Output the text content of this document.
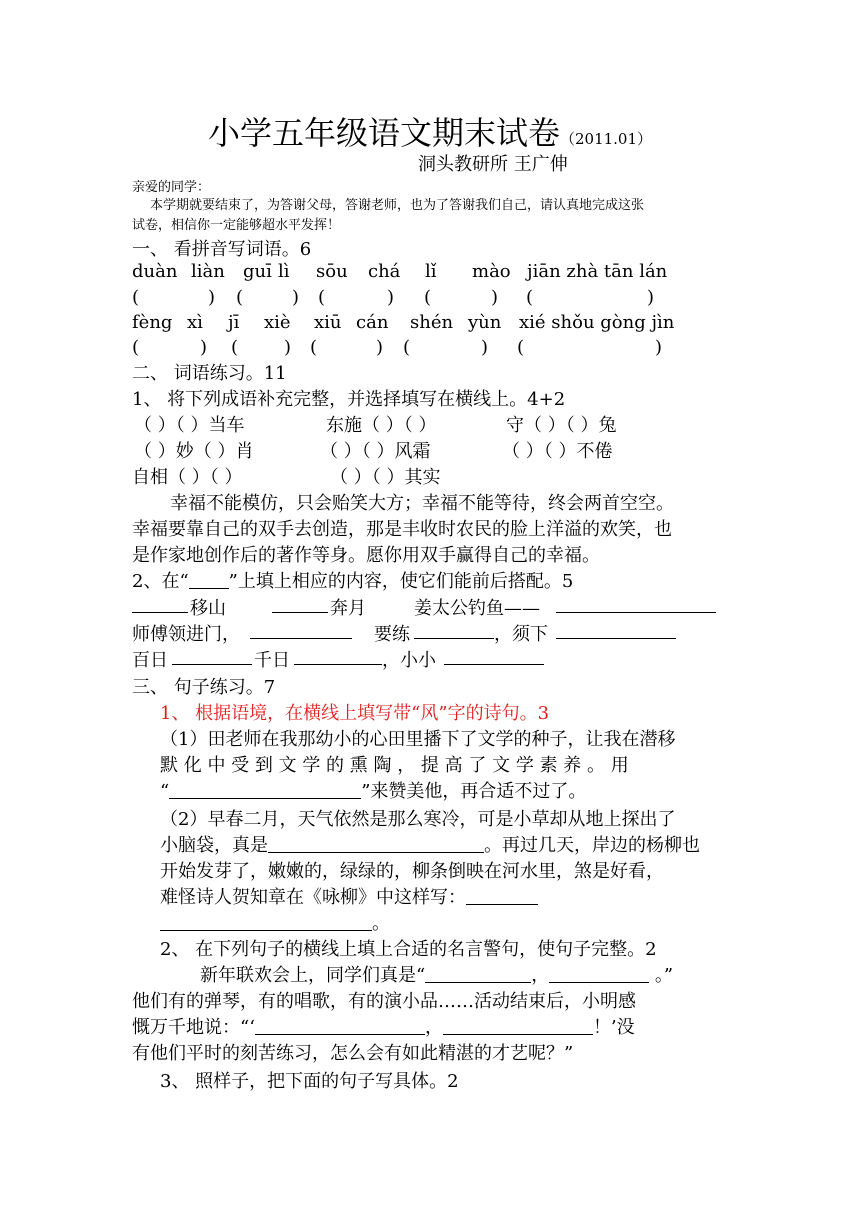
小学五年级语文期末试卷（2011.01）
洞头教研所 王广伸
亲爱的同学：
本学期就要结束了，为答谢父母，答谢老师，也为了答谢我们自己，请认真地完成这张
试卷，相信你一定能够超水平发挥！
一、 看拼音写词语。6
duàn liàn guī lì sōu chá lǐ mào jiān zhà tān lán
(	) (	) (	) (	) (	)
fèng xì jī xiè xiū cán shén yùn xié shǒu gòng jìn
(	) (	) (	) (	) (	)
二、 词语练习。11
1、 将下列成语补充完整，并选择填写在横线上。4+2
（ ）（ ）当车	东施（ ）（ ）	守（ ）（ ）兔
（ ）妙（ ）肖	（ ）（ ）风霜	（ ）（ ）不倦
自相（ ）（ ）	（ ）（ ）其实
幸福不能模仿，只会贻笑大方；幸福不能等待，终会两首空空。
幸福要靠自己的双手去创造，那是丰收时农民的脸上洋溢的欢笑，也
是作家地创作后的著作等身。愿你用双手赢得自己的幸福。
2、在“ ”上填上相应的内容，使它们能前后搭配。5
移山	奔月	姜太公钓鱼——
师傅领进门，	要练	，须下
百日	千日	，小小
三、 句子练习。7
1、 根据语境，在横线上填写带“风”字的诗句。3
（1）田老师在我那幼小的心田里播下了文学的种子，让我在潜移
默 化 中 受 到 文 学 的 熏 陶 ， 提 高 了 文 学 素 养 。 用
“	”来赞美他，再合适不过了。
（2）早春二月，天气依然是那么寒冷，可是小草却从地上探出了
小脑袋，真是	。再过几天，岸边的杨柳也
开始发芽了，嫩嫩的，绿绿的，柳条倒映在河水里，煞是好看，
难怪诗人贺知章在《咏柳》中这样写：
。
2、 在下列句子的横线上填上合适的名言警句，使句子完整。2
新年联欢会上，同学们真是“	，	。”
他们有的弹琴，有的唱歌，有的演小品……活动结束后，小明感
慨万千地说：“‘	，	！’没
有他们平时的刻苦练习，怎么会有如此精湛的才艺呢？”
3、 照样子，把下面的句子写具体。2
